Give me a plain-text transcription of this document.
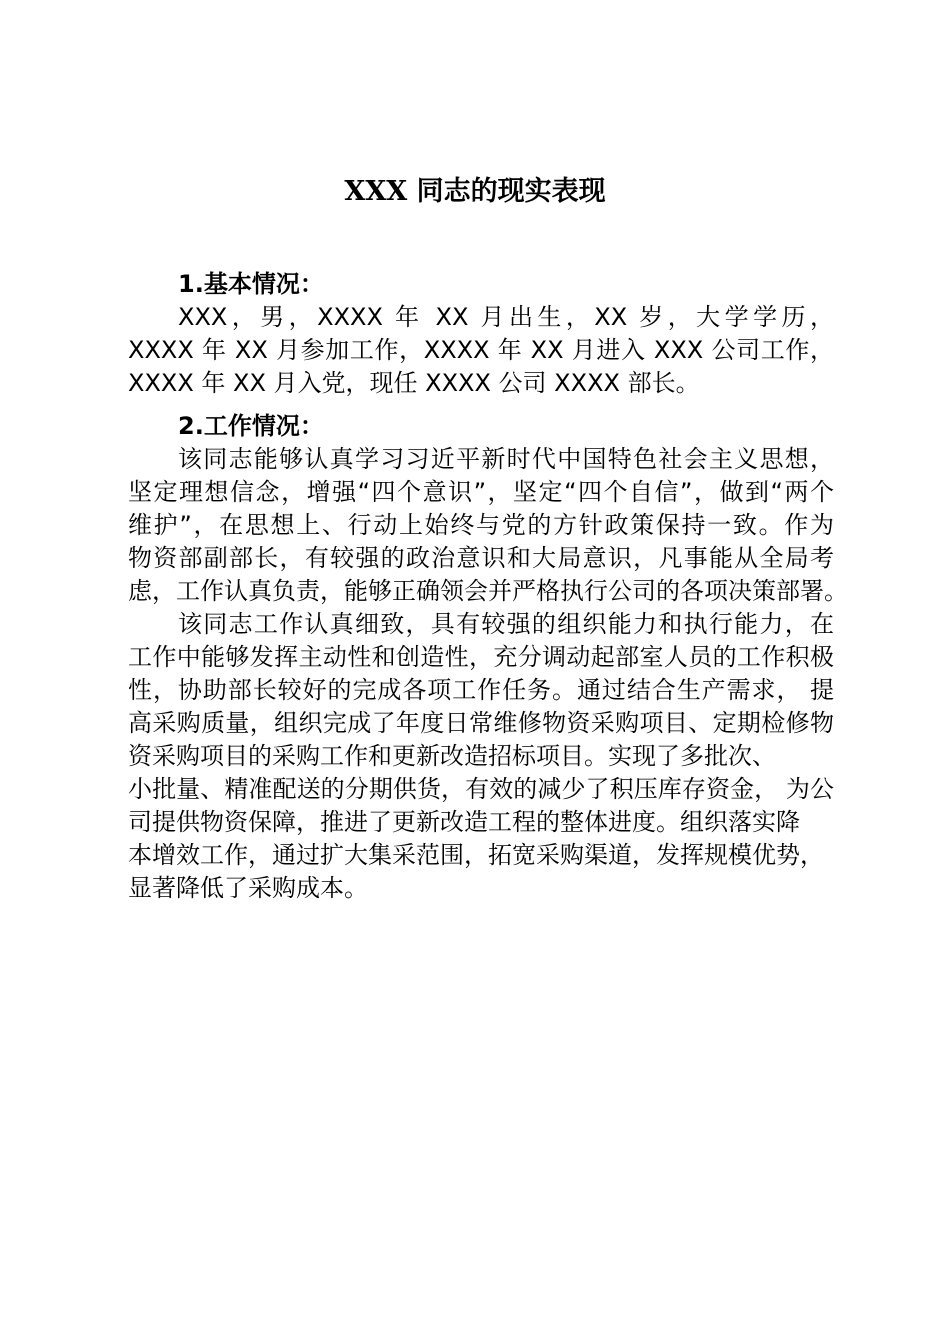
XXX 同志的现实表现

1.基本情况：

XXX，男，XXXX 年 XX 月出生，XX 岁，大学学历，

XXXX 年 XX 月参加工作，XXXX 年 XX 月进入 XXX 公司工作，

XXXX 年 XX 月入党，现任 XXXX 公司 XXXX 部长。

2.工作情况：

该同志能够认真学习习近平新时代中国特色社会主义思想，

坚定理想信念，增强“四个意识”，坚定“四个自信”，做到“两个

维护”，在思想上、行动上始终与党的方针政策保持一致。作为

物资部副部长，有较强的政治意识和大局意识，凡事能从全局考

虑，工作认真负责，能够正确领会并严格执行公司的各项决策部署。

该同志工作认真细致，具有较强的组织能力和执行能力，在

工作中能够发挥主动性和创造性，充分调动起部室人员的工作积极

性，协助部长较好的完成各项工作任务。通过结合生产需求， 提

高采购质量，组织完成了年度日常维修物资采购项目、定期检修物

资采购项目的采购工作和更新改造招标项目。实现了多批次、

小批量、精准配送的分期供货，有效的减少了积压库存资金， 为公

司提供物资保障，推进了更新改造工程的整体进度。组织落实降

本增效工作，通过扩大集采范围，拓宽采购渠道，发挥规模优势，

显著降低了采购成本。
